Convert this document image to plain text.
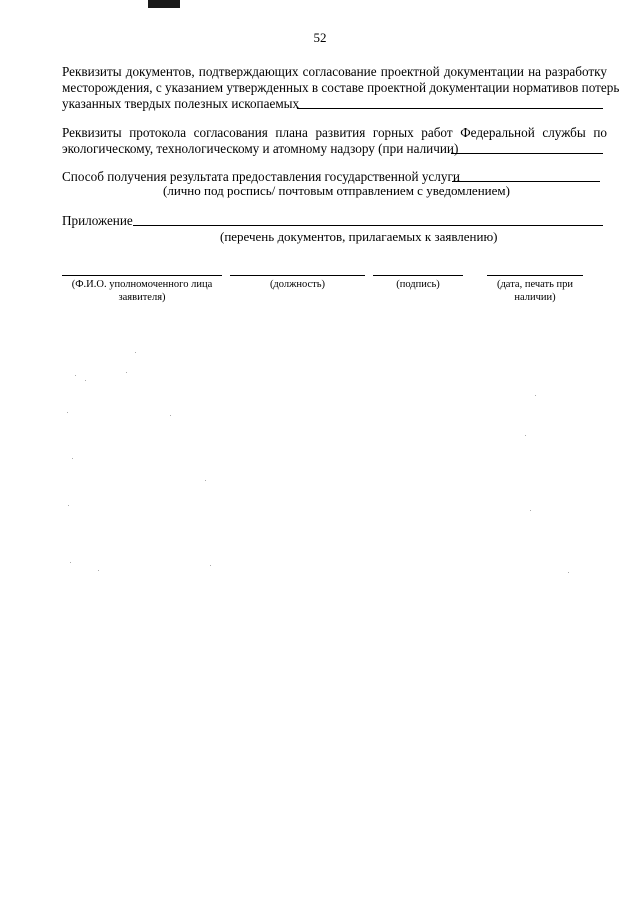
52
Реквизиты документов, подтверждающих согласование проектной документации на разработку
месторождения, с указанием утвержденных в составе проектной документации нормативов потерь
указанных твердых полезных ископаемых
Реквизиты протокола согласования плана развития горных работ Федеральной службы по
экологическому, технологическому и атомному надзору (при наличии)
Способ получения результата предоставления государственной услуги
(лично под роспись/ почтовым отправлением с уведомлением)
Приложение
(перечень документов, прилагаемых к заявлению)
(Ф.И.О. уполномоченного лица заявителя)
(должность)	(подпись)	(дата, печать при наличии)
